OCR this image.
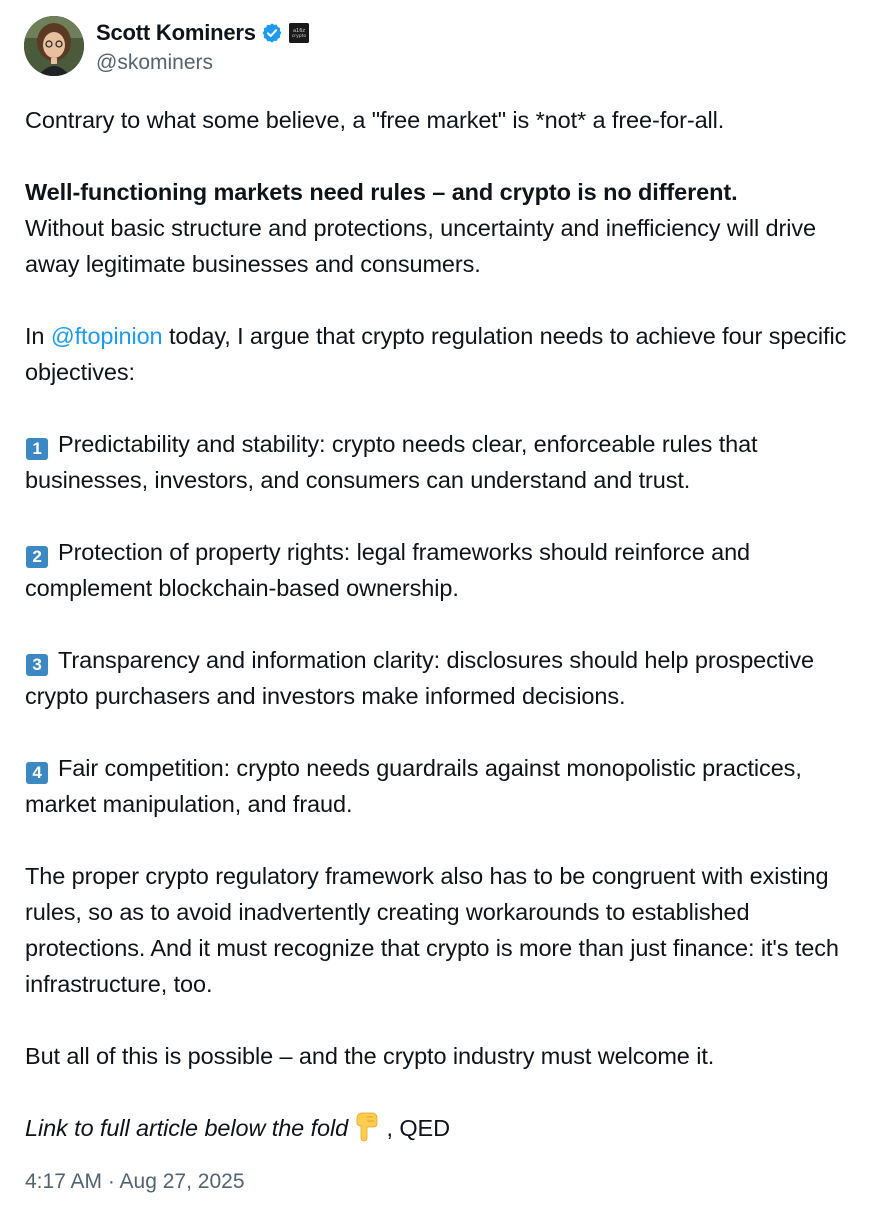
Scott Kominers	a16z
crypto
@skominers

Contrary to what some believe, a "free market" is *not* a free-for-all.

Well-functioning markets need rules – and crypto is no different.
Without basic structure and protections, uncertainty and inefficiency will drive away legitimate businesses and consumers.

In @ftopinion today, I argue that crypto regulation needs to achieve four specific objectives:

1 Predictability and stability: crypto needs clear, enforceable rules that businesses, investors, and consumers can understand and trust.

2 Protection of property rights: legal frameworks should reinforce and complement blockchain-based ownership.

3 Transparency and information clarity: disclosures should help prospective crypto purchasers and investors make informed decisions.

4 Fair competition: crypto needs guardrails against monopolistic practices, market manipulation, and fraud.

The proper crypto regulatory framework also has to be congruent with existing rules, so as to avoid inadvertently creating workarounds to established protections. And it must recognize that crypto is more than just finance: it's tech infrastructure, too.

But all of this is possible – and the crypto industry must welcome it.

Link to full article below the fold , QED

4:17 AM · Aug 27, 2025
